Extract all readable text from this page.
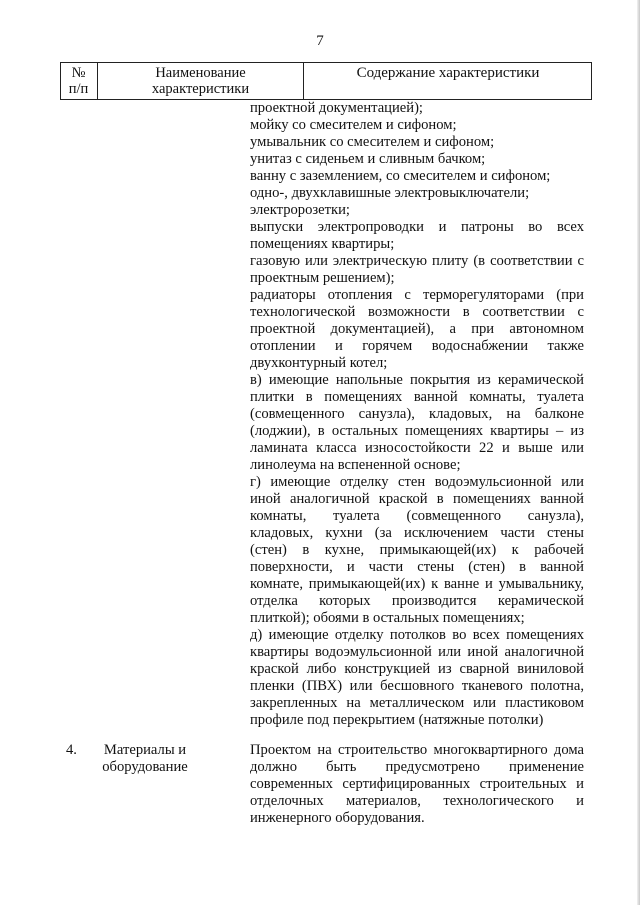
7
№
п/п
Наименование
характеристики
Содержание характеристики
проектной документацией);
мойку со смесителем и сифоном;
умывальник со смесителем и сифоном;
унитаз с сиденьем и сливным бачком;
ванну с заземлением, со смесителем и сифоном;
одно-, двухклавишные электровыключатели;
электророзетки;
выпуски электропроводки и патроны во всех
помещениях квартиры;
газовую или электрическую плиту (в соответствии с
проектным решением);
радиаторы отопления с терморегуляторами (при
технологической возможности в соответствии с
проектной документацией), а при автономном
отоплении и горячем водоснабжении также
двухконтурный котел;
в) имеющие напольные покрытия из керамической
плитки в помещениях ванной комнаты, туалета
(совмещенного санузла), кладовых, на балконе
(лоджии), в остальных помещениях квартиры – из
ламината класса износостойкости 22 и выше или
линолеума на вспененной основе;
г) имеющие отделку стен водоэмульсионной или
иной аналогичной краской в помещениях ванной
комнаты, туалета (совмещенного санузла),
кладовых, кухни (за исключением части стены
(стен) в кухне, примыкающей(их) к рабочей
поверхности, и части стены (стен) в ванной
комнате, примыкающей(их) к ванне и умывальнику,
отделка которых производится керамической
плиткой); обоями в остальных помещениях;
д) имеющие отделку потолков во всех помещениях
квартиры водоэмульсионной или иной аналогичной
краской либо конструкцией из сварной виниловой
пленки (ПВХ) или бесшовного тканевого полотна,
закрепленных на металлическом или пластиковом
профиле под перекрытием (натяжные потолки)
4.	Материалы и
оборудование
Проектом на строительство многоквартирного дома
должно быть предусмотрено применение
современных сертифицированных строительных и
отделочных материалов, технологического и
инженерного оборудования.
